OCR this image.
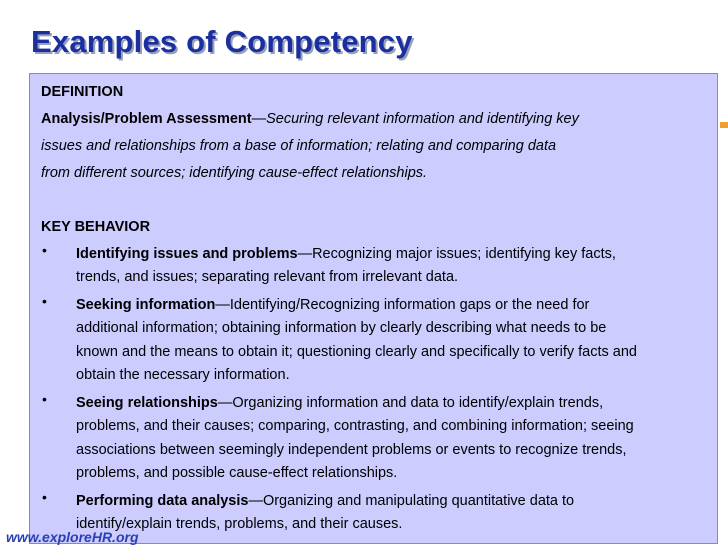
Examples of Competency
DEFINITION
Analysis/Problem Assessment—Securing relevant information and identifying key
issues and relationships from a base of information; relating and comparing data
from different sources; identifying cause-effect relationships.
KEY BEHAVIOR
• Identifying issues and problems—Recognizing major issues; identifying key facts,
trends, and issues; separating relevant from irrelevant data.
• Seeking information—Identifying/Recognizing information gaps or the need for
additional information; obtaining information by clearly describing what needs to be
known and the means to obtain it; questioning clearly and specifically to verify facts and
obtain the necessary information.
• Seeing relationships—Organizing information and data to identify/explain trends,
problems, and their causes; comparing, contrasting, and combining information; seeing
associations between seemingly independent problems or events to recognize trends,
problems, and possible cause-effect relationships.
• Performing data analysis—Organizing and manipulating quantitative data to
identify/explain trends, problems, and their causes.
www.exploreHR.org
